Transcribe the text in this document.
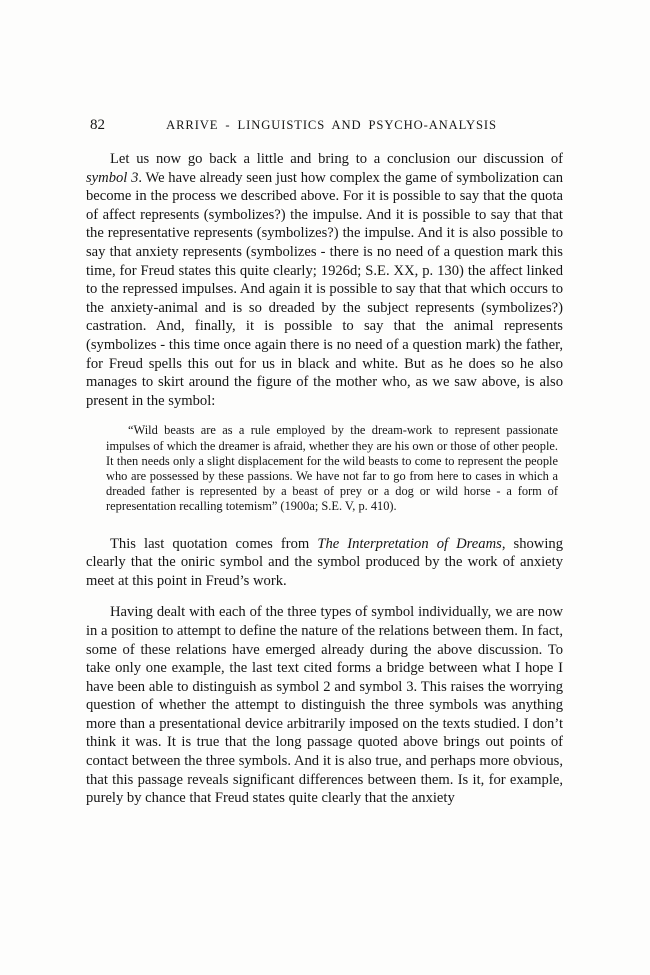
82	ARRIVE - LINGUISTICS AND PSYCHO-ANALYSIS

Let us now go back a little and bring to a conclusion our discussion of symbol 3. We have already seen just how complex the game of symbolization can become in the process we described above. For it is possible to say that the quota of affect represents (symbolizes?) the impulse. And it is possible to say that that the representative represents (symbolizes?) the impulse. And it is also possible to say that anxiety represents (symbolizes - there is no need of a question mark this time, for Freud states this quite clearly; 1926d; S.E. XX, p. 130) the affect linked to the repressed impulses. And again it is possible to say that that which occurs to the anxiety-animal and is so dreaded by the subject represents (symbolizes?) castration. And, finally, it is possible to say that the animal represents (symbolizes - this time once again there is no need of a question mark) the father, for Freud spells this out for us in black and white. But as he does so he also manages to skirt around the figure of the mother who, as we saw above, is also present in the symbol:

“Wild beasts are as a rule employed by the dream-work to represent passionate impulses of which the dreamer is afraid, whether they are his own or those of other people. It then needs only a slight displacement for the wild beasts to come to represent the people who are possessed by these passions. We have not far to go from here to cases in which a dreaded father is represented by a beast of prey or a dog or wild horse - a form of representation recalling totemism” (1900a; S.E. V, p. 410).

This last quotation comes from The Interpretation of Dreams, showing clearly that the oniric symbol and the symbol produced by the work of anxiety meet at this point in Freud’s work.

Having dealt with each of the three types of symbol individually, we are now in a position to attempt to define the nature of the relations between them. In fact, some of these relations have emerged already during the above discussion. To take only one example, the last text cited forms a bridge between what I hope I have been able to distinguish as symbol 2 and symbol 3. This raises the worrying question of whether the attempt to distinguish the three symbols was anything more than a presentational device arbitrarily imposed on the texts studied. I don’t think it was. It is true that the long passage quoted above brings out points of contact between the three symbols. And it is also true, and perhaps more obvious, that this passage reveals significant differences between them. Is it, for example, purely by chance that Freud states quite clearly that the anxiety
